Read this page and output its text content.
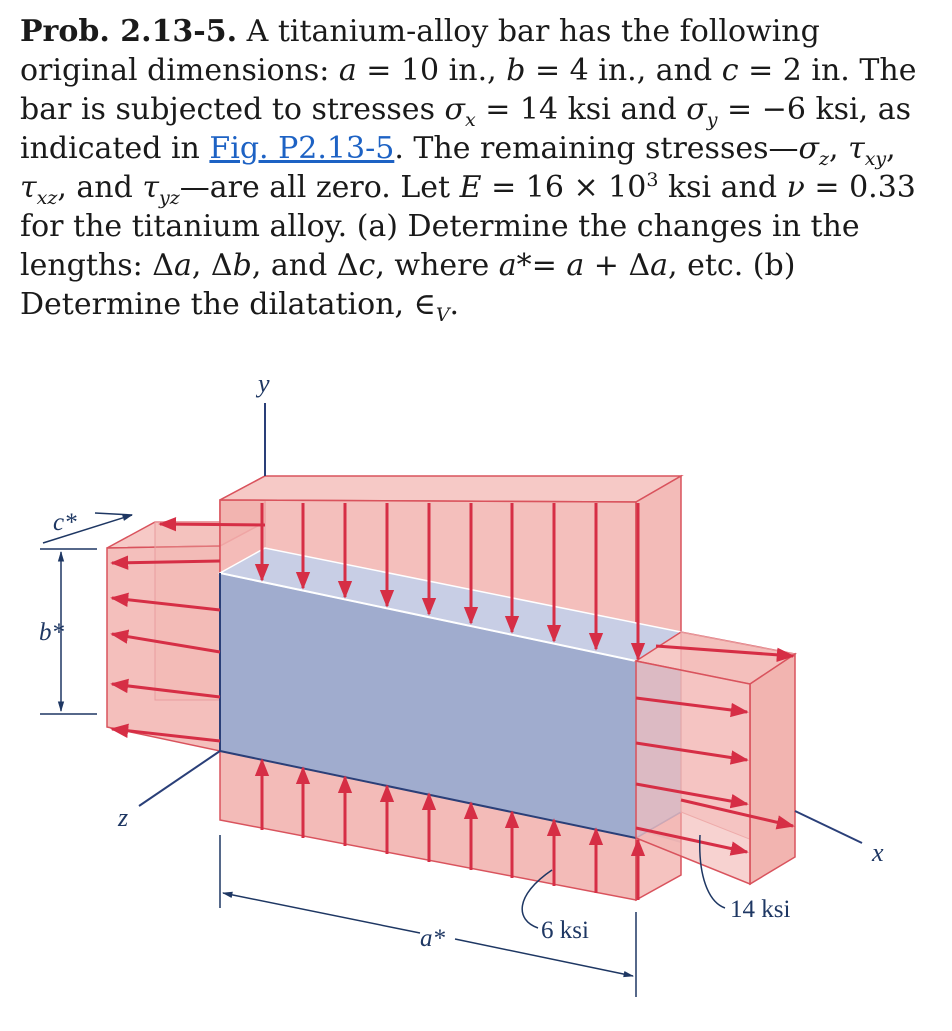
Prob. 2.13-5. A titanium-alloy bar has the following original dimensions: a = 10 in., b = 4 in., and c = 2 in. The bar is subjected to stresses $\sigma_x = 14$ ksi and $\sigma_y = -6$ ksi, as indicated in Fig. P2.13-5. The remaining $stresses—\sigma_z$, $\tau_{xy}$, $\tau_{xz}$, and $\tau_{yz}—are$ all zero. Let $E = 16 \times 10^3$ ksi and ν = 0.33 for the titanium alloy. (a) Determine the changes in the lengths: Δa, Δb, and Δc, where a*= a + Δa, etc. (b) Determine the dilatation, $\in_V$.
y
x
z
c*
b*
a*	6 ksi
14 ksi
